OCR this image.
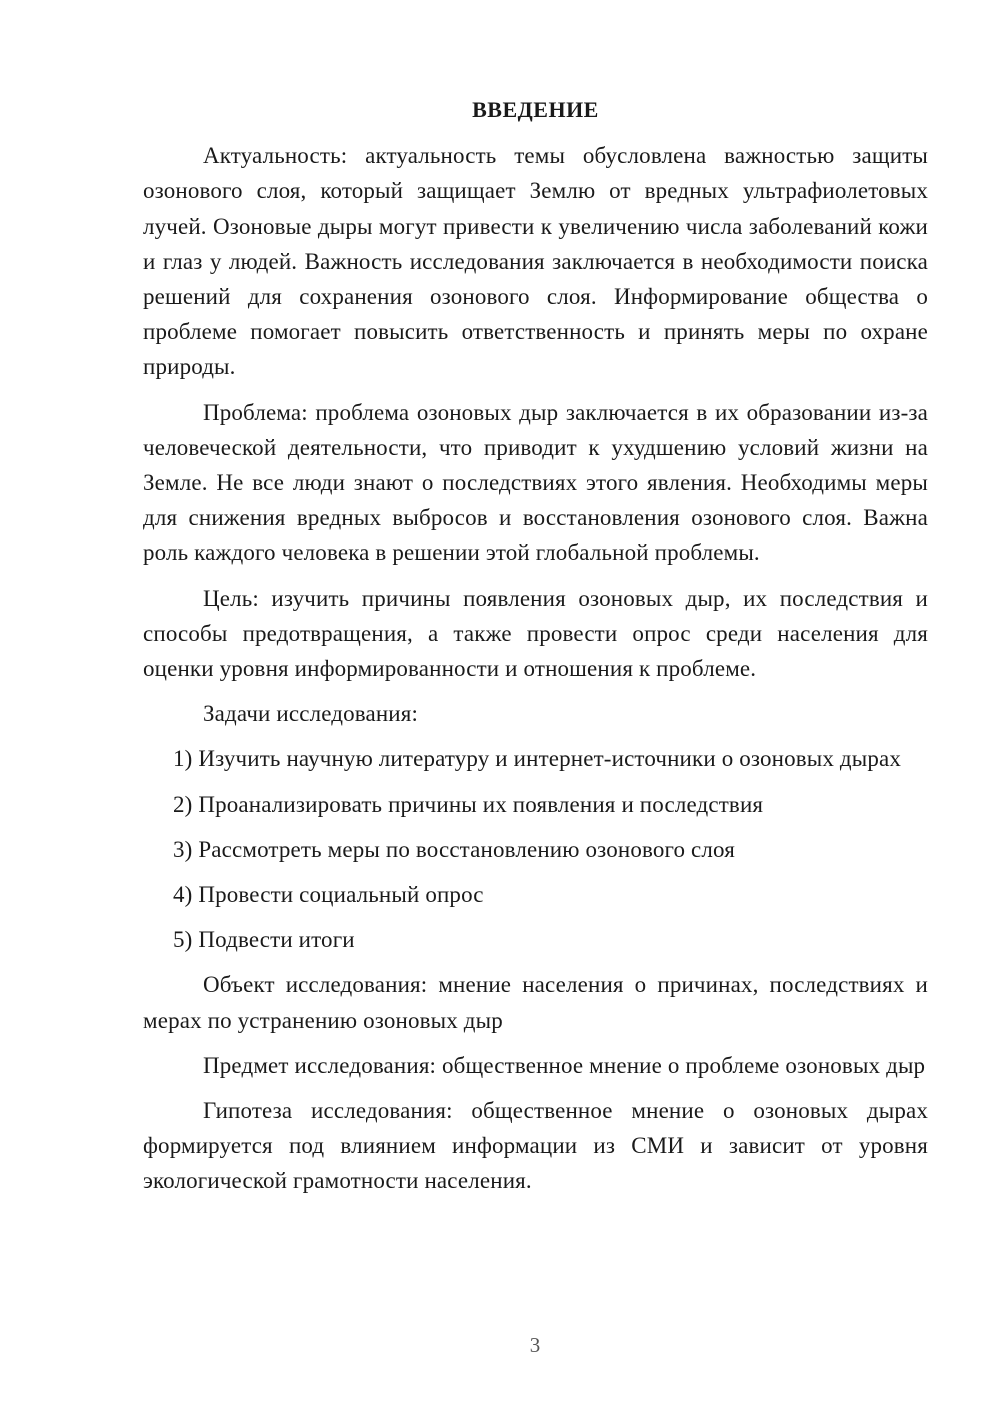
ВВЕДЕНИЕ

Актуальность: актуальность темы обусловлена важностью защиты озонового слоя, который защищает Землю от вредных ультрафиолетовых лучей. Озоновые дыры могут привести к увеличению числа заболеваний кожи и глаз у людей. Важность исследования заключается в необходимости поиска решений для сохранения озонового слоя. Информирование общества о проблеме помогает повысить ответственность и принять меры по охране природы.

Проблема: проблема озоновых дыр заключается в их образовании из-за человеческой деятельности, что приводит к ухудшению условий жизни на Земле. Не все люди знают о последствиях этого явления. Необходимы меры для снижения вредных выбросов и восстановления озонового слоя. Важна роль каждого человека в решении этой глобальной проблемы.

Цель: изучить причины появления озоновых дыр, их последствия и способы предотвращения, а также провести опрос среди населения для оценки уровня информированности и отношения к проблеме.

Задачи исследования:

1) Изучить научную литературу и интернет-источники о озоновых дырах

2) Проанализировать причины их появления и последствия

3) Рассмотреть меры по восстановлению озонового слоя

4) Провести социальный опрос

5) Подвести итоги

Объект исследования: мнение населения о причинах, последствиях и мерах по устранению озоновых дыр

Предмет исследования: общественное мнение о проблеме озоновых дыр

Гипотеза исследования: общественное мнение о озоновых дырах формируется под влиянием информации из СМИ и зависит от уровня экологической грамотности населения.

3
